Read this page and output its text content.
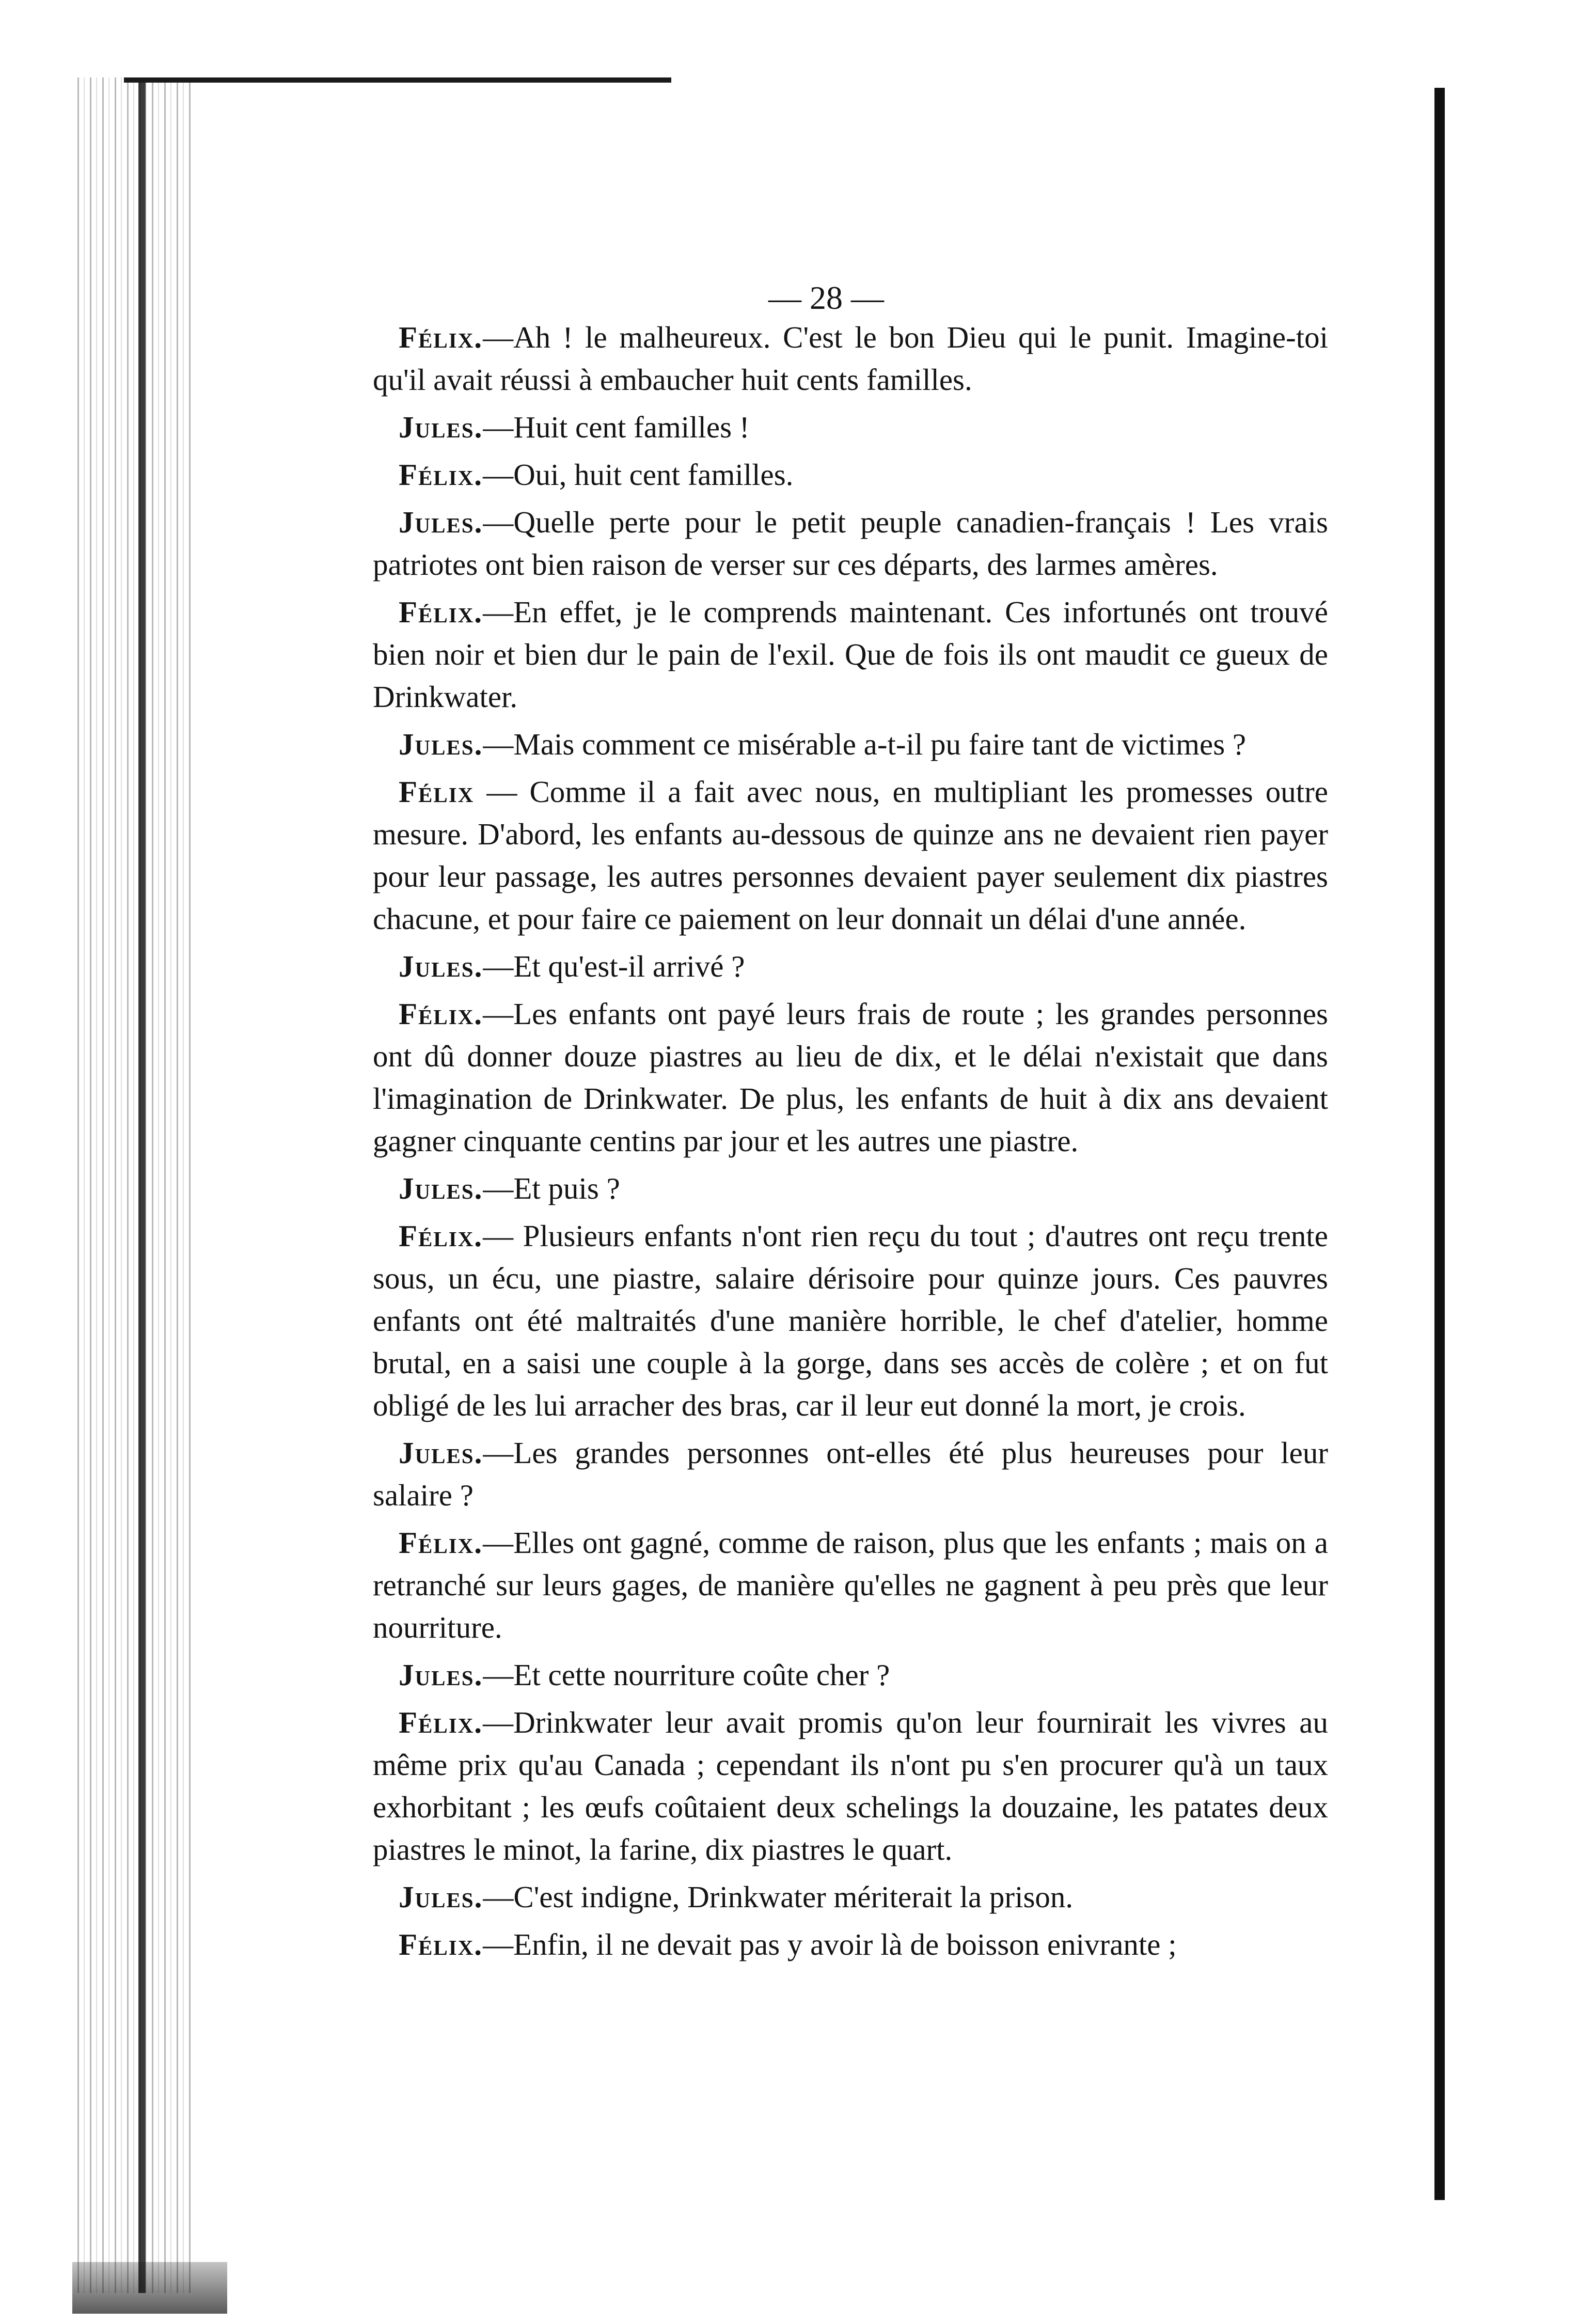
— 28 —

Félix.—Ah ! le malheureux. C'est le bon Dieu qui le punit. Imagine-toi qu'il avait réussi à embaucher huit cents familles.

Jules.—Huit cent familles !

Félix.—Oui, huit cent familles.

Jules.—Quelle perte pour le petit peuple canadien-français ! Les vrais patriotes ont bien raison de verser sur ces départs, des larmes amères.

Félix.—En effet, je le comprends maintenant. Ces infortunés ont trouvé bien noir et bien dur le pain de l'exil. Que de fois ils ont maudit ce gueux de Drinkwater.

Jules.—Mais comment ce misérable a-t-il pu faire tant de victimes ?

Félix — Comme il a fait avec nous, en multipliant les promesses outre mesure. D'abord, les enfants au-dessous de quinze ans ne devaient rien payer pour leur passage, les autres personnes devaient payer seulement dix piastres chacune, et pour faire ce paiement on leur donnait un délai d'une année.

Jules.—Et qu'est-il arrivé ?

Félix.—Les enfants ont payé leurs frais de route ; les grandes personnes ont dû donner douze piastres au lieu de dix, et le délai n'existait que dans l'imagination de Drinkwater. De plus, les enfants de huit à dix ans devaient gagner cinquante centins par jour et les autres une piastre.

Jules.—Et puis ?

Félix.— Plusieurs enfants n'ont rien reçu du tout ; d'autres ont reçu trente sous, un écu, une piastre, salaire dérisoire pour quinze jours. Ces pauvres enfants ont été maltraités d'une manière horrible, le chef d'atelier, homme brutal, en a saisi une couple à la gorge, dans ses accès de colère ; et on fut obligé de les lui arracher des bras, car il leur eut donné la mort, je crois.

Jules.—Les grandes personnes ont-elles été plus heureuses pour leur salaire ?

Félix.—Elles ont gagné, comme de raison, plus que les enfants ; mais on a retranché sur leurs gages, de manière qu'elles ne gagnent à peu près que leur nourriture.

Jules.—Et cette nourriture coûte cher ?

Félix.—Drinkwater leur avait promis qu'on leur fournirait les vivres au même prix qu'au Canada ; cependant ils n'ont pu s'en procurer qu'à un taux exhorbitant ; les œufs coûtaient deux schelings la douzaine, les patates deux piastres le minot, la farine, dix piastres le quart.

Jules.—C'est indigne, Drinkwater mériterait la prison.

Félix.—Enfin, il ne devait pas y avoir là de boisson enivrante ;
